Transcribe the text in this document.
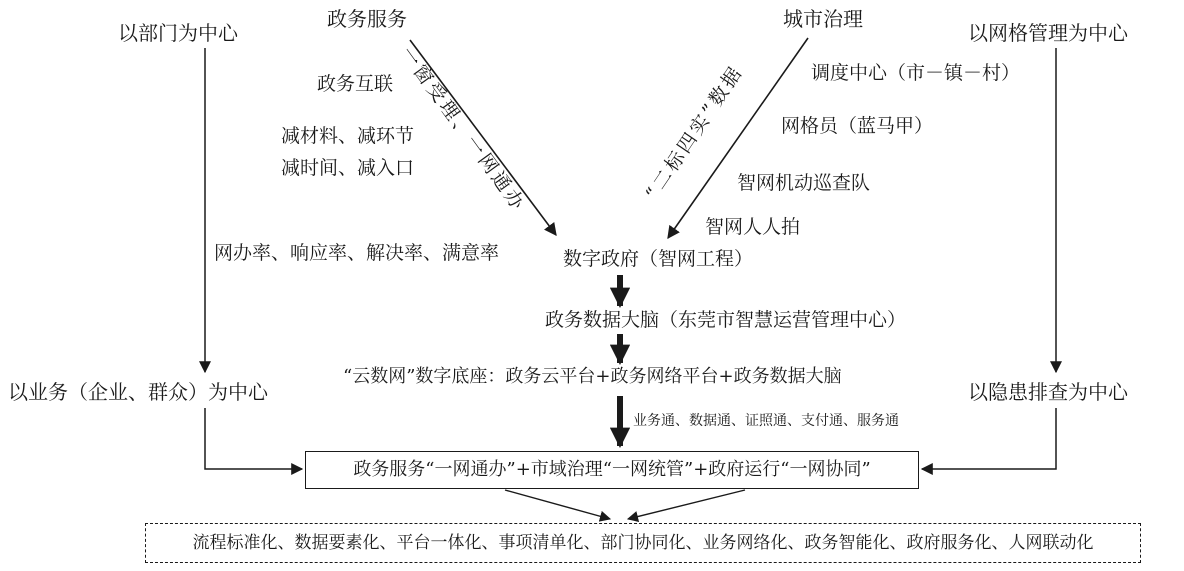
以部门为中心
政务服务	城市治理
以网格管理为中心
政务互联
减材料、减环节
减时间、减入口
一窗受理、一网通办	“二标四实”数据	调度中心（市－镇－村）
网格员（蓝马甲）
智网机动巡查队
智网人人拍
网办率、响应率、解决率、满意率	数字政府（智网工程）
政务数据大脑（东莞市智慧运营管理中心）
“云数网”数字底座：政务云平台+政务网络平台+政务数据大脑
以业务（企业、群众）为中心	以隐患排查为中心
业务通、数据通、证照通、支付通、服务通
政务服务“一网通办”+市域治理“一网统管”+政府运行“一网协同”
流程标准化、数据要素化、平台一体化、事项清单化、部门协同化、业务网络化、政务智能化、政府服务化、人网联动化
